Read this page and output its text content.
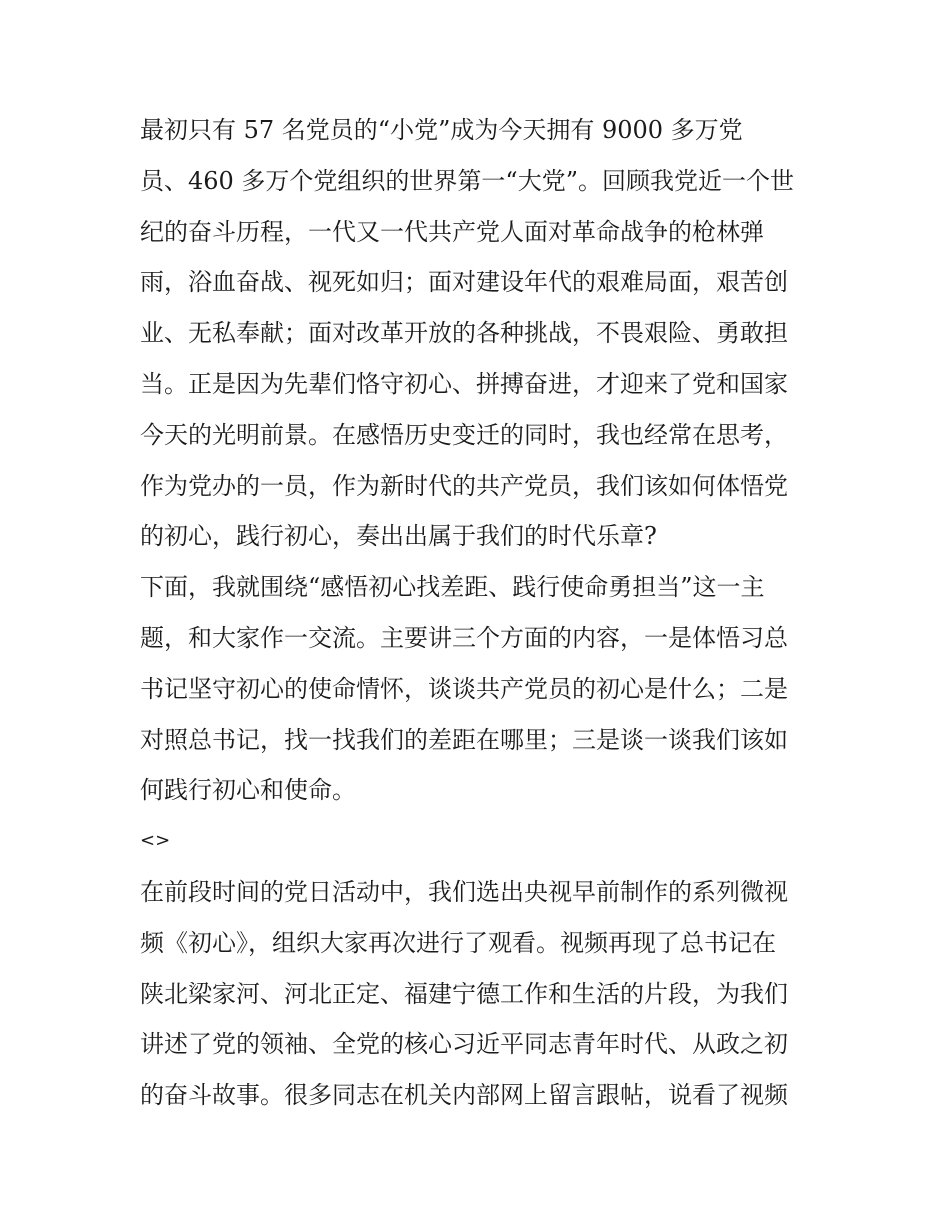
最初只有 57 名党员的“小党”成为今天拥有 9000 多万党
员、460 多万个党组织的世界第一“大党”。回顾我党近一个世
纪的奋斗历程，一代又一代共产党人面对革命战争的枪林弹
雨，浴血奋战、视死如归；面对建设年代的艰难局面，艰苦创
业、无私奉献；面对改革开放的各种挑战，不畏艰险、勇敢担
当。正是因为先辈们恪守初心、拼搏奋进，才迎来了党和国家
今天的光明前景。在感悟历史变迁的同时，我也经常在思考，
作为党办的一员，作为新时代的共产党员，我们该如何体悟党
的初心，践行初心，奏出出属于我们的时代乐章?
下面，我就围绕“感悟初心找差距、践行使命勇担当”这一主
题，和大家作一交流。主要讲三个方面的内容，一是体悟习总
书记坚守初心的使命情怀，谈谈共产党员的初心是什么；二是
对照总书记，找一找我们的差距在哪里；三是谈一谈我们该如
何践行初心和使命。
<>
在前段时间的党日活动中，我们选出央视早前制作的系列微视
频《初心》，组织大家再次进行了观看。视频再现了总书记在
陕北梁家河、河北正定、福建宁德工作和生活的片段，为我们
讲述了党的领袖、全党的核心习近平同志青年时代、从政之初
的奋斗故事。很多同志在机关内部网上留言跟帖，说看了视频
